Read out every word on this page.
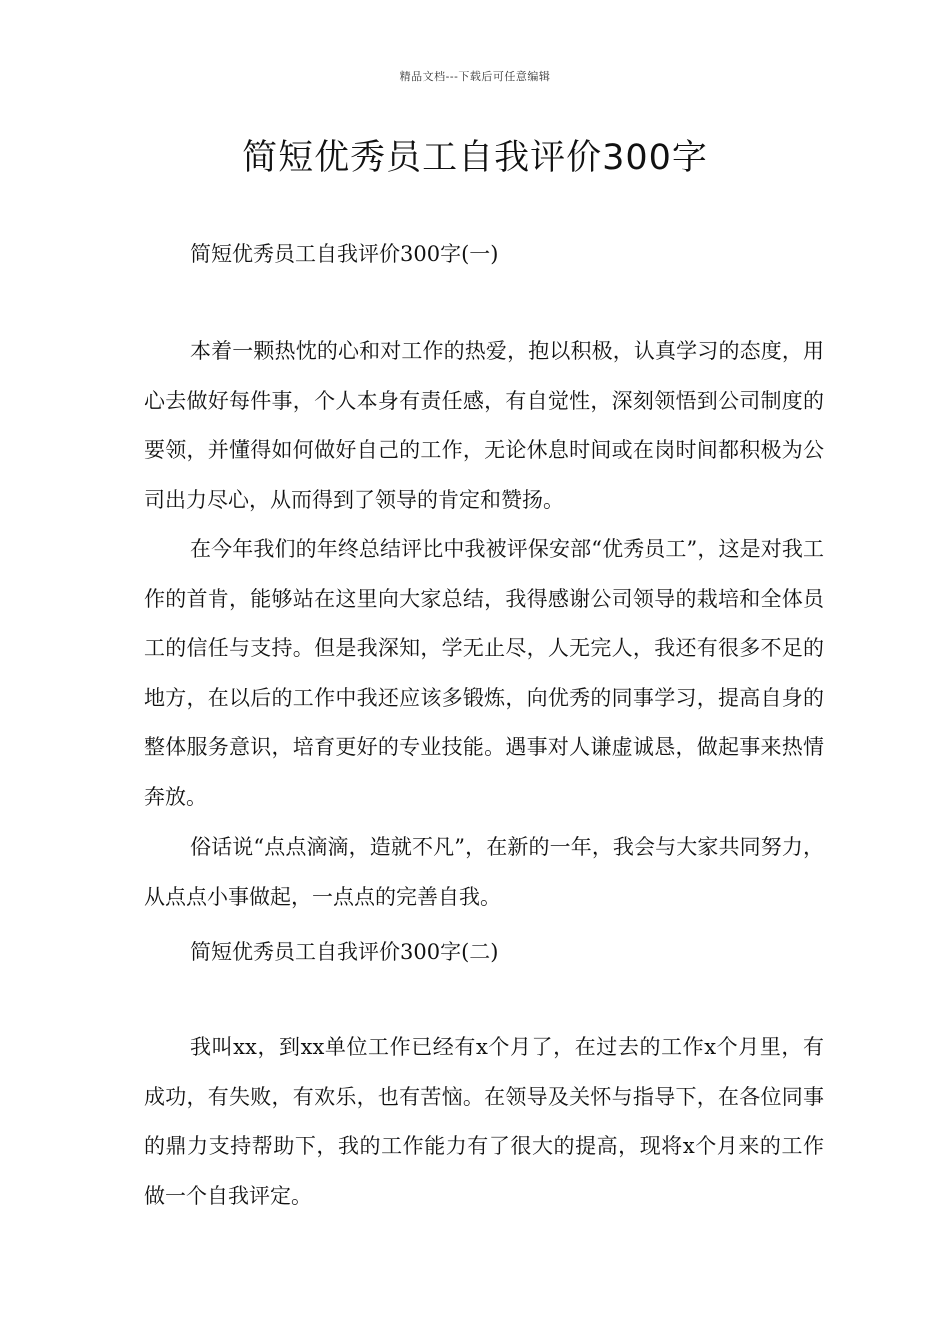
精品文档---下载后可任意编辑
简短优秀员工自我评价300字
简短优秀员工自我评价300字(一)

本着一颗热忱的心和对工作的热爱，抱以积极，认真学习的态度，用心去做好每件事，个人本身有责任感，有自觉性，深刻领悟到公司制度的要领，并懂得如何做好自己的工作，无论休息时间或在岗时间都积极为公司出力尽心，从而得到了领导的肯定和赞扬。

在今年我们的年终总结评比中我被评保安部“优秀员工”，这是对我工作的首肯，能够站在这里向大家总结，我得感谢公司领导的栽培和全体员工的信任与支持。但是我深知，学无止尽，人无完人，我还有很多不足的地方，在以后的工作中我还应该多锻炼，向优秀的同事学习，提高自身的整体服务意识，培育更好的专业技能。遇事对人谦虚诚恳，做起事来热情奔放。

俗话说“点点滴滴，造就不凡”，在新的一年，我会与大家共同努力，从点点小事做起，一点点的完善自我。

简短优秀员工自我评价300字(二)

我叫xx，到xx单位工作已经有x个月了，在过去的工作x个月里，有成功，有失败，有欢乐，也有苦恼。在领导及关怀与指导下，在各位同事的鼎力支持帮助下，我的工作能力有了很大的提高，现将x个月来的工作做一个自我评定。
